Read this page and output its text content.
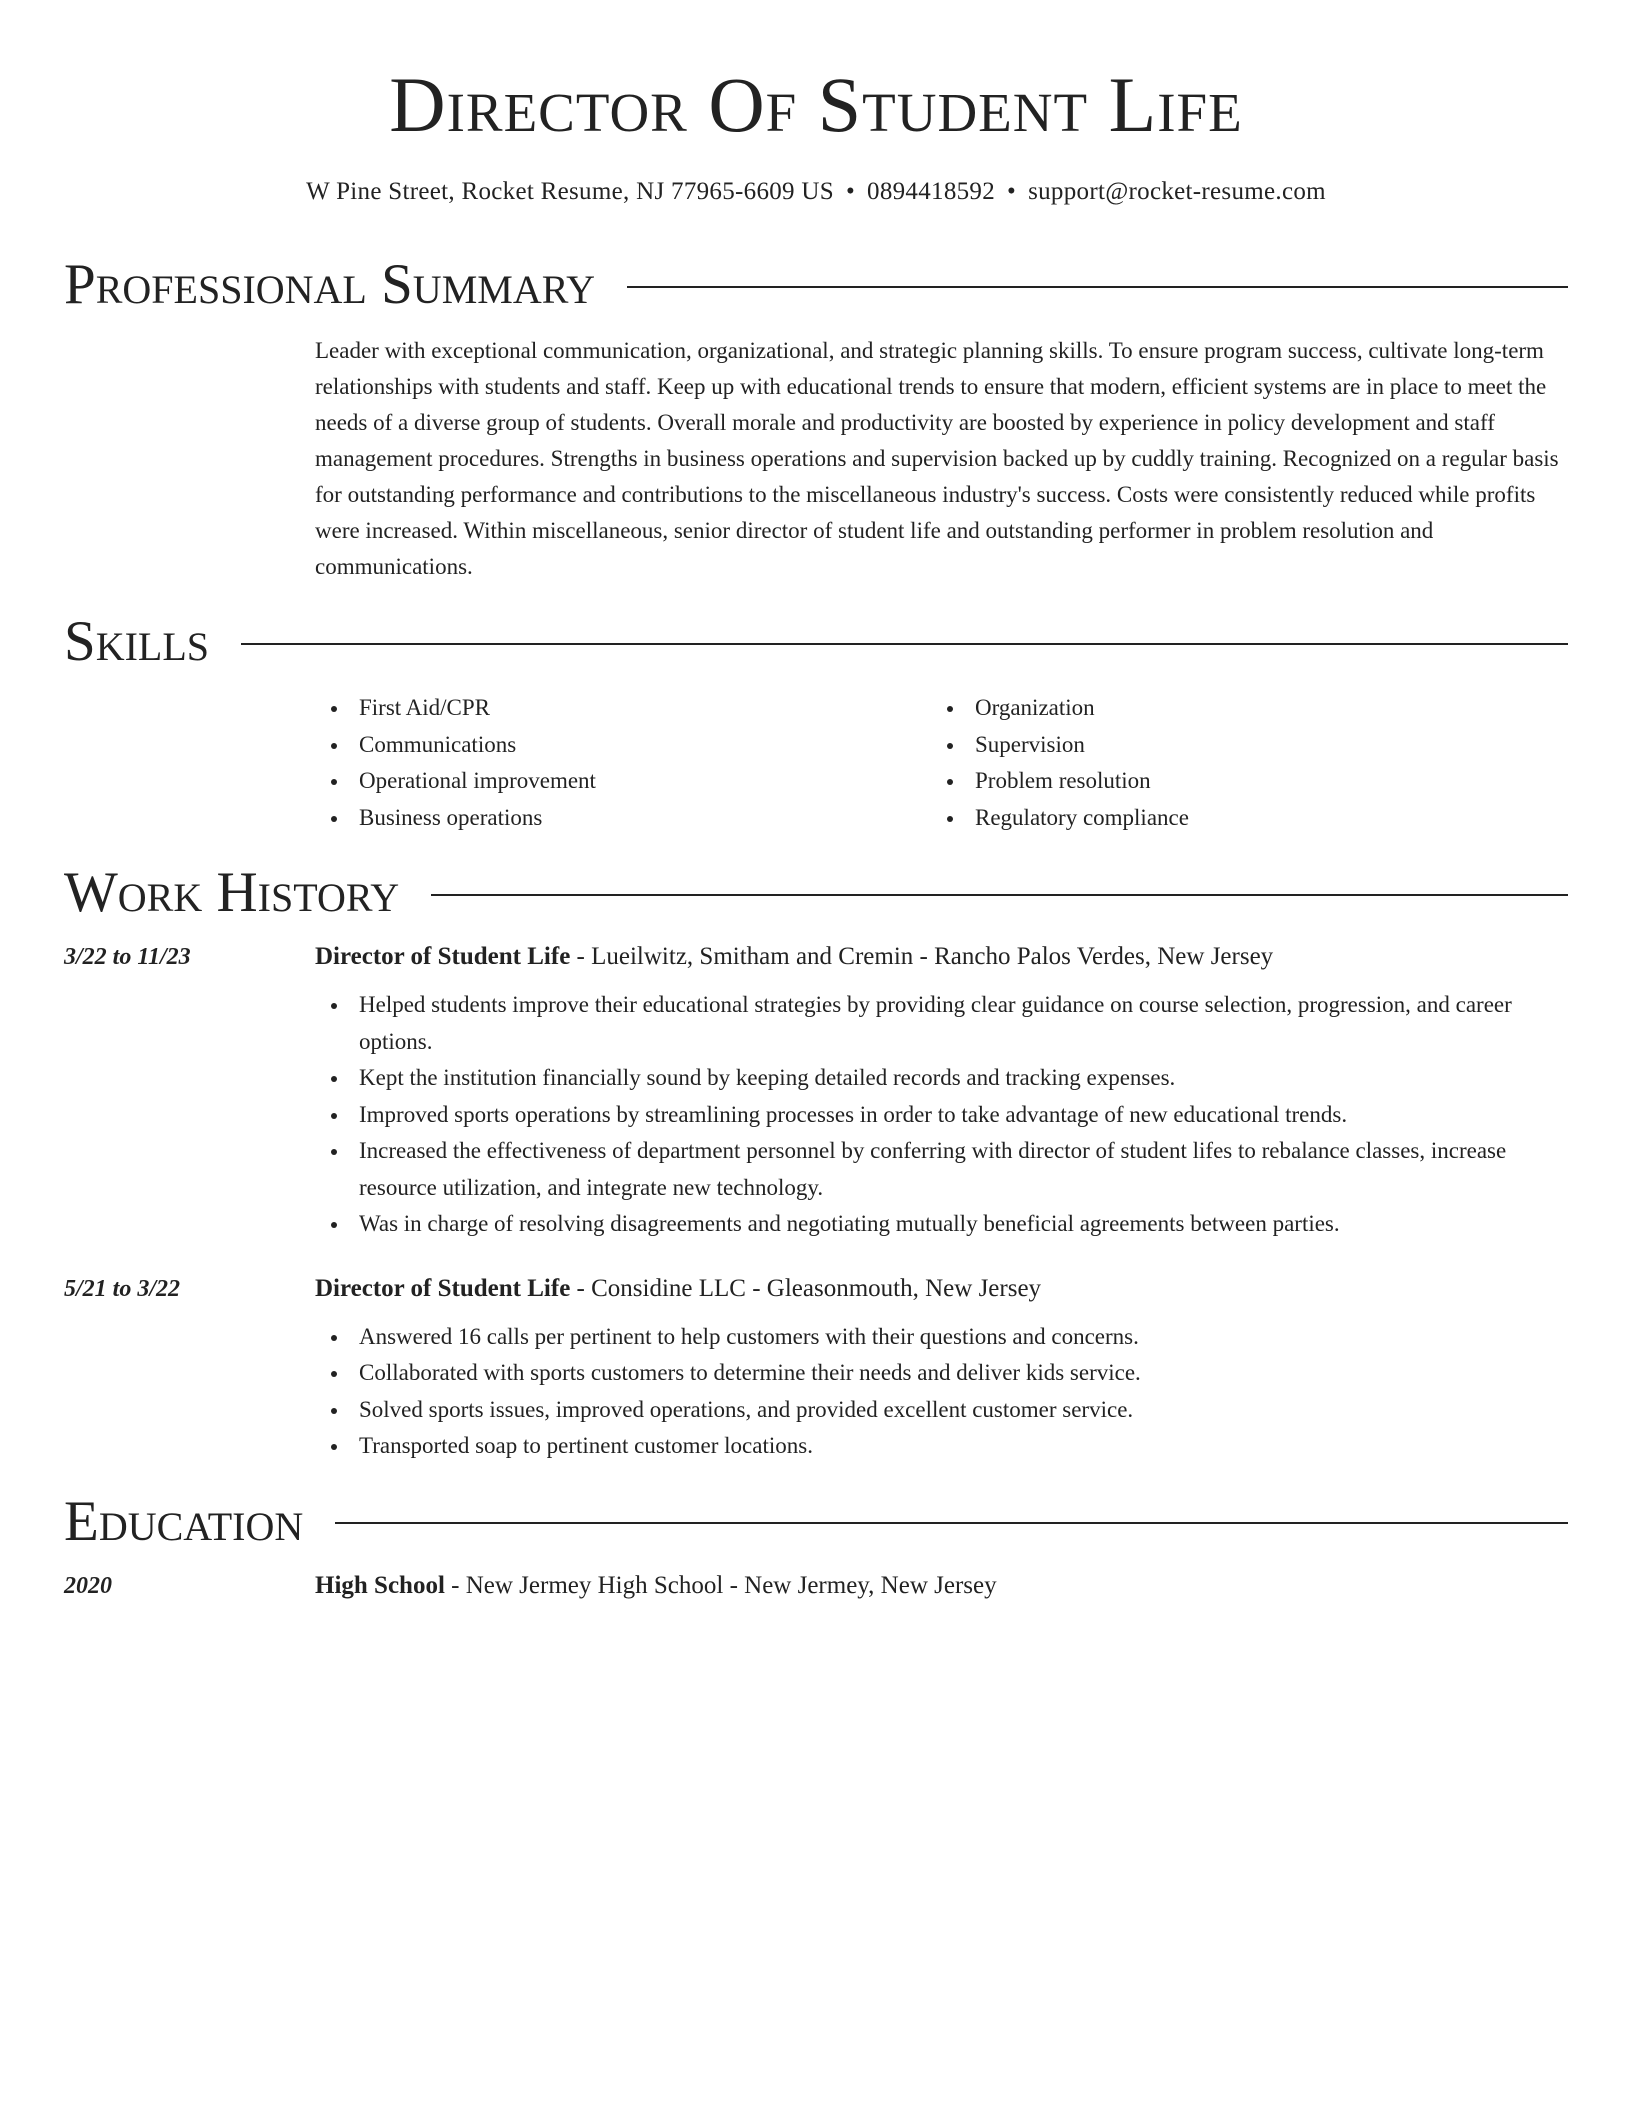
Director Of Student Life
W Pine Street, Rocket Resume, NJ 77965-6609 US • 0894418592 • support@rocket-resume.com
Professional Summary
Leader with exceptional communication, organizational, and strategic planning skills. To ensure program success, cultivate long-term relationships with students and staff. Keep up with educational trends to ensure that modern, efficient systems are in place to meet the needs of a diverse group of students. Overall morale and productivity are boosted by experience in policy development and staff management procedures. Strengths in business operations and supervision backed up by cuddly training. Recognized on a regular basis for outstanding performance and contributions to the miscellaneous industry's success. Costs were consistently reduced while profits were increased. Within miscellaneous, senior director of student life and outstanding performer in problem resolution and communications.
Skills
First Aid/CPR
Communications
Operational improvement
Business operations
Organization
Supervision
Problem resolution
Regulatory compliance
Work History
3/22 to 11/23	Director of Student Life - Lueilwitz, Smitham and Cremin - Rancho Palos Verdes, New Jersey
Helped students improve their educational strategies by providing clear guidance on course selection, progression, and career options.
Kept the institution financially sound by keeping detailed records and tracking expenses.
Improved sports operations by streamlining processes in order to take advantage of new educational trends.
Increased the effectiveness of department personnel by conferring with director of student lifes to rebalance classes, increase resource utilization, and integrate new technology.
Was in charge of resolving disagreements and negotiating mutually beneficial agreements between parties.
5/21 to 3/22	Director of Student Life - Considine LLC - Gleasonmouth, New Jersey
Answered 16 calls per pertinent to help customers with their questions and concerns.
Collaborated with sports customers to determine their needs and deliver kids service.
Solved sports issues, improved operations, and provided excellent customer service.
Transported soap to pertinent customer locations.
Education
2020	High School - New Jermey High School - New Jermey, New Jersey
